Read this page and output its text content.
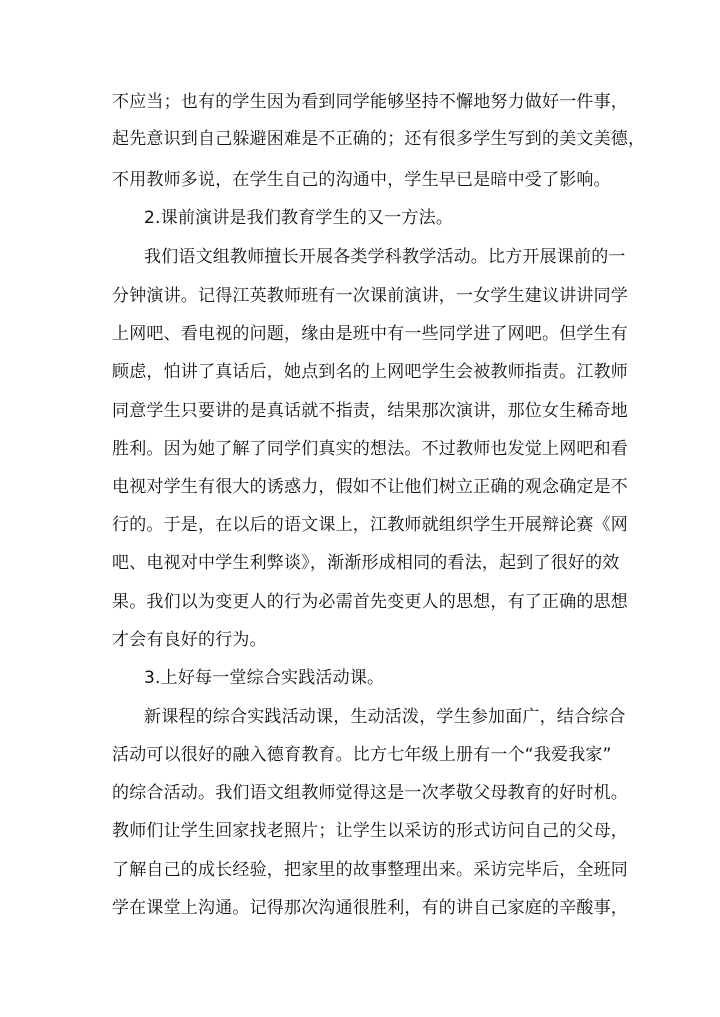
不应当；也有的学生因为看到同学能够坚持不懈地努力做好一件事，
起先意识到自己躲避困难是不正确的；还有很多学生写到的美文美德，
不用教师多说，在学生自己的沟通中，学生早已是暗中受了影响。
2.课前演讲是我们教育学生的又一方法。
我们语文组教师擅长开展各类学科教学活动。比方开展课前的一
分钟演讲。记得江英教师班有一次课前演讲，一女学生建议讲讲同学
上网吧、看电视的问题，缘由是班中有一些同学进了网吧。但学生有
顾虑，怕讲了真话后，她点到名的上网吧学生会被教师指责。江教师
同意学生只要讲的是真话就不指责，结果那次演讲，那位女生稀奇地
胜利。因为她了解了同学们真实的想法。不过教师也发觉上网吧和看
电视对学生有很大的诱惑力，假如不让他们树立正确的观念确定是不
行的。于是，在以后的语文课上，江教师就组织学生开展辩论赛《网
吧、电视对中学生利弊谈》，渐渐形成相同的看法，起到了很好的效
果。我们以为变更人的行为必需首先变更人的思想，有了正确的思想
才会有良好的行为。
3.上好每一堂综合实践活动课。
新课程的综合实践活动课，生动活泼，学生参加面广，结合综合
活动可以很好的融入德育教育。比方七年级上册有一个“我爱我家”
的综合活动。我们语文组教师觉得这是一次孝敬父母教育的好时机。
教师们让学生回家找老照片；让学生以采访的形式访问自己的父母，
了解自己的成长经验，把家里的故事整理出来。采访完毕后，全班同
学在课堂上沟通。记得那次沟通很胜利，有的讲自己家庭的辛酸事，
